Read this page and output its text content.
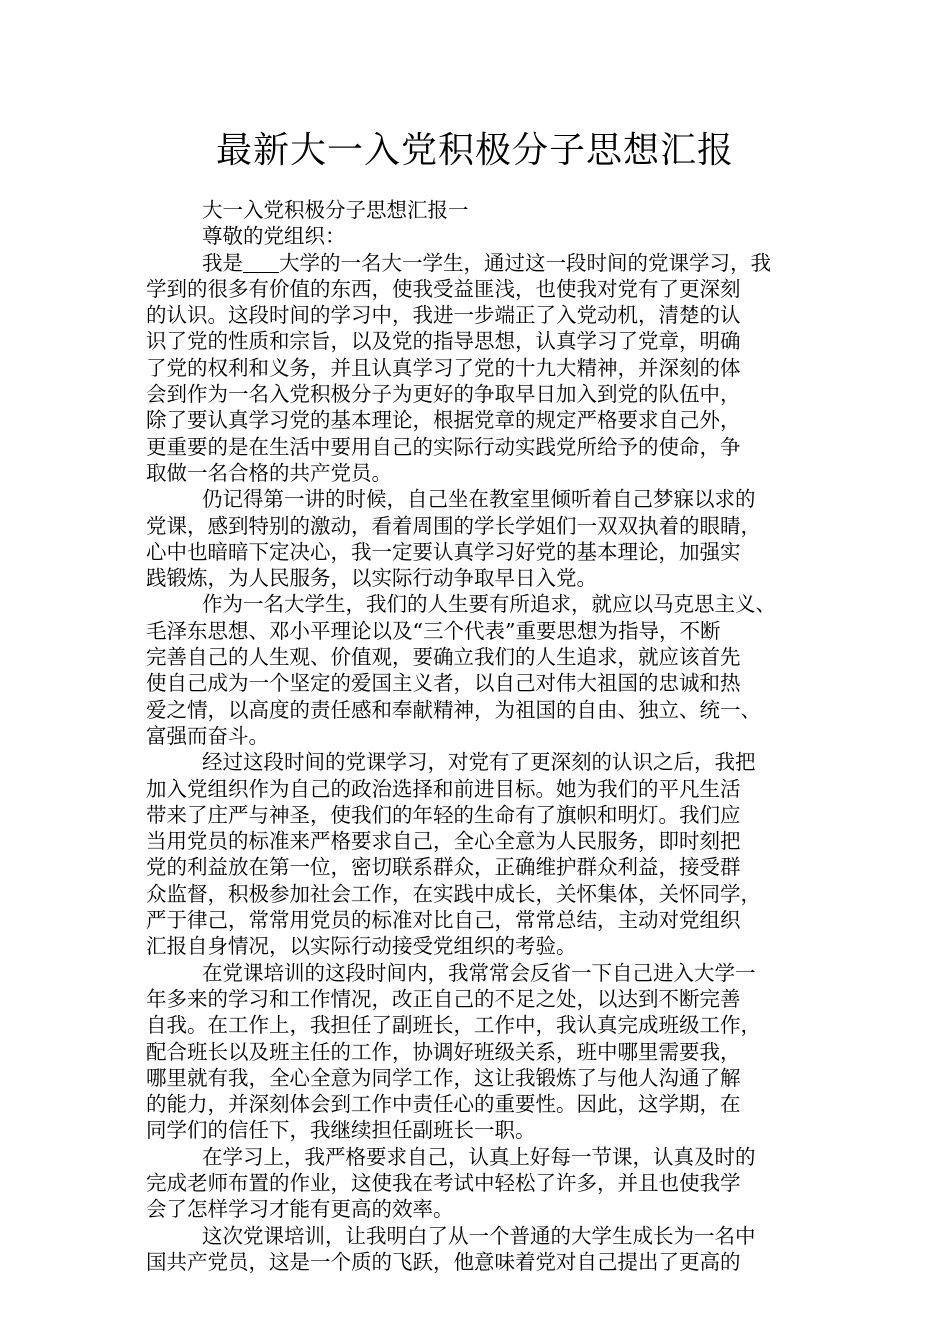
最新大一入党积极分子思想汇报
大一入党积极分子思想汇报一
尊敬的党组织：
我是 大学的一名大一学生，通过这一段时间的党课学习，我
学到的很多有价值的东西，使我受益匪浅，也使我对党有了更深刻
的认识。这段时间的学习中，我进一步端正了入党动机，清楚的认
识了党的性质和宗旨，以及党的指导思想，认真学习了党章，明确
了党的权利和义务，并且认真学习了党的十九大精神，并深刻的体
会到作为一名入党积极分子为更好的争取早日加入到党的队伍中，
除了要认真学习党的基本理论，根据党章的规定严格要求自己外，
更重要的是在生活中要用自己的实际行动实践党所给予的使命，争
取做一名合格的共产党员。
仍记得第一讲的时候，自己坐在教室里倾听着自己梦寐以求的
党课，感到特别的激动，看着周围的学长学姐们一双双执着的眼睛，
心中也暗暗下定决心，我一定要认真学习好党的基本理论，加强实
践锻炼，为人民服务，以实际行动争取早日入党。
作为一名大学生，我们的人生要有所追求，就应以马克思主义、
毛泽东思想、邓小平理论以及“三个代表”重要思想为指导，不断
完善自己的人生观、价值观，要确立我们的人生追求，就应该首先
使自己成为一个坚定的爱国主义者，以自己对伟大祖国的忠诚和热
爱之情，以高度的责任感和奉献精神，为祖国的自由、独立、统一、
富强而奋斗。
经过这段时间的党课学习，对党有了更深刻的认识之后，我把
加入党组织作为自己的政治选择和前进目标。她为我们的平凡生活
带来了庄严与神圣，使我们的年轻的生命有了旗帜和明灯。我们应
当用党员的标准来严格要求自己，全心全意为人民服务，即时刻把
党的利益放在第一位，密切联系群众，正确维护群众利益，接受群
众监督，积极参加社会工作，在实践中成长，关怀集体，关怀同学，
严于律己，常常用党员的标准对比自己，常常总结，主动对党组织
汇报自身情况，以实际行动接受党组织的考验。
在党课培训的这段时间内，我常常会反省一下自己进入大学一
年多来的学习和工作情况，改正自己的不足之处，以达到不断完善
自我。在工作上，我担任了副班长，工作中，我认真完成班级工作，
配合班长以及班主任的工作，协调好班级关系，班中哪里需要我，
哪里就有我，全心全意为同学工作，这让我锻炼了与他人沟通了解
的能力，并深刻体会到工作中责任心的重要性。因此，这学期，在
同学们的信任下，我继续担任副班长一职。
在学习上，我严格要求自己，认真上好每一节课，认真及时的
完成老师布置的作业，这使我在考试中轻松了许多，并且也使我学
会了怎样学习才能有更高的效率。
这次党课培训，让我明白了从一个普通的大学生成长为一名中
国共产党员，这是一个质的飞跃，他意味着党对自己提出了更高的
